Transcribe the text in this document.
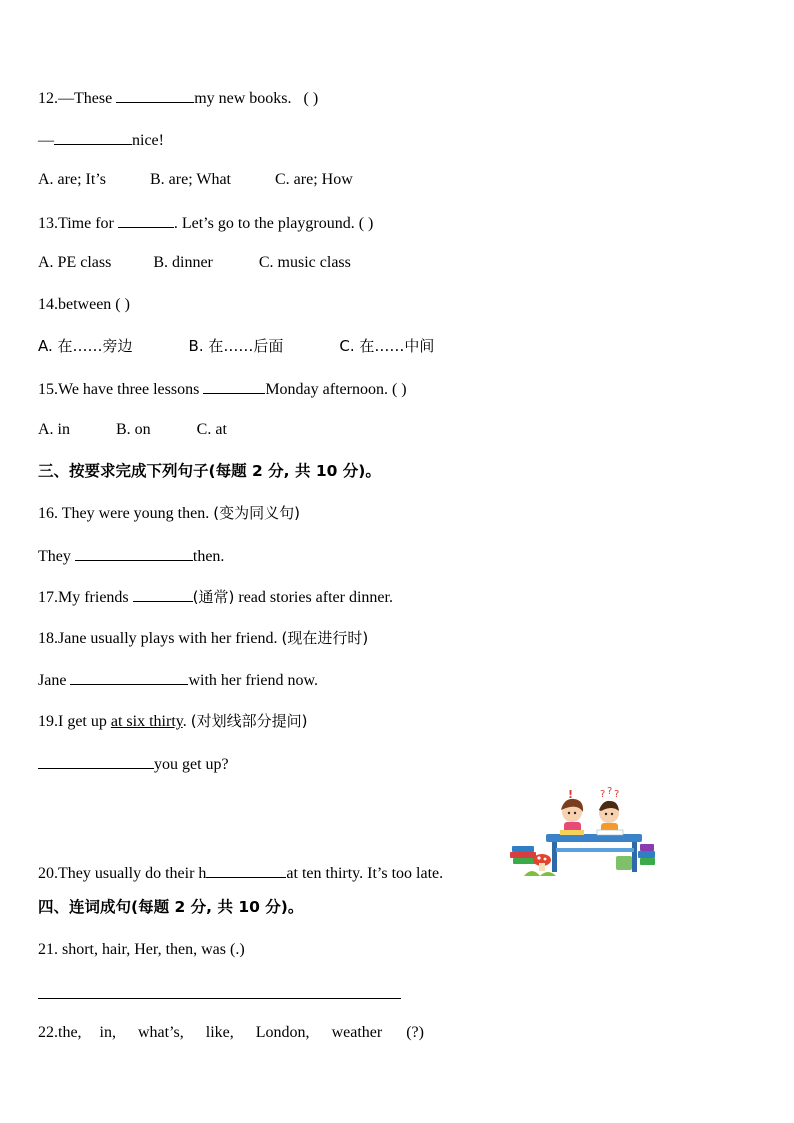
12.—These	my new books. ( )
—	nice!
A. are; It’s	B. are; What	C. are; How
13.Time for	. Let’s go to the playground. ( )
A. PE class	B. dinner	C. music class
14.between ( )
A. 在……旁边	B. 在……后面	C. 在……中间
15.We have three lessons	Monday afternoon. ( )
A. in	B. on	C. at
三、按要求完成下列句子(每题 2 分, 共 10 分)。
16. They were young then. (变为同义句)
They	then.
17.My friends	(通常) read stories after dinner.
18.Jane usually plays with her friend. (现在进行时)
Jane	with her friend now.
19.I get up at six thirty. (对划线部分提问)
you get up?
? ? ?
!
20.They usually do their h	at ten thirty. It’s too late.
四、连词成句(每题 2 分, 共 10 分)。
21. short, hair, Her, then, was (.)
22.the, in, what’s, like, London, weather (?)
